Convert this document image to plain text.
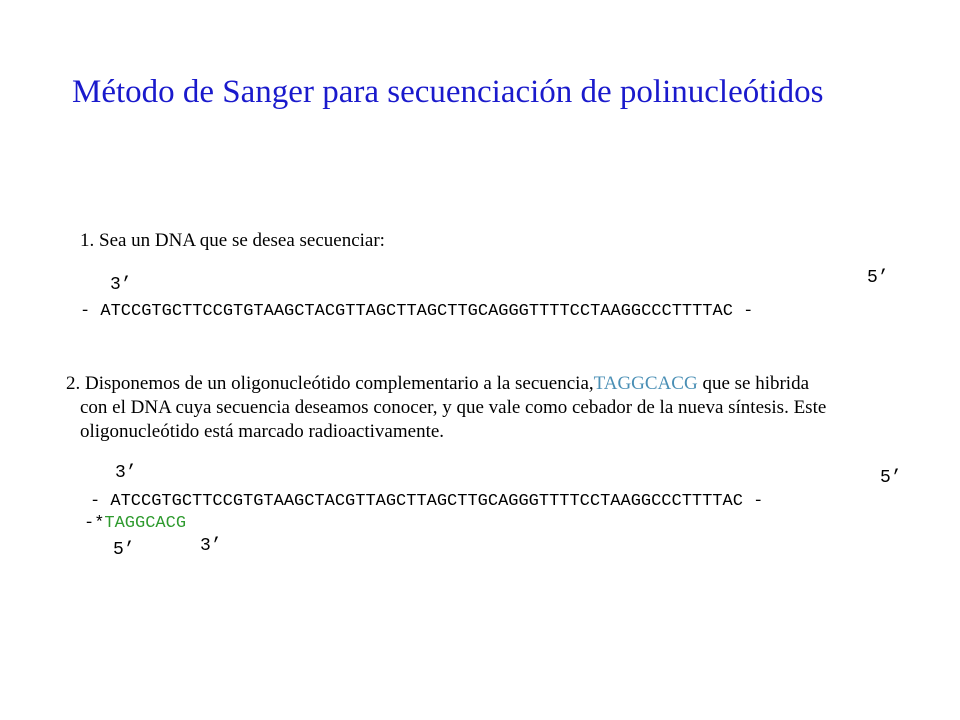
Método de Sanger para secuenciación de polinucleótidos
1. Sea un DNA que se desea secuenciar:
3’	5’
- ATCCGTGCTTCCGTGTAAGCTACGTTAGCTTAGCTTGCAGGGTTTTCCTAAGGCCCTTTTAC -
2. Disponemos de un oligonucleótido complementario a la secuencia,TAGGCACG que se hibrida
con el DNA cuya secuencia deseamos conocer, y que vale como cebador de la nueva síntesis. Este
oligonucleótido está marcado radioactivamente.
3’	5’
- ATCCGTGCTTCCGTGTAAGCTACGTTAGCTTAGCTTGCAGGGTTTTCCTAAGGCCCTTTTAC -
-*TAGGCACG
5’	3’
